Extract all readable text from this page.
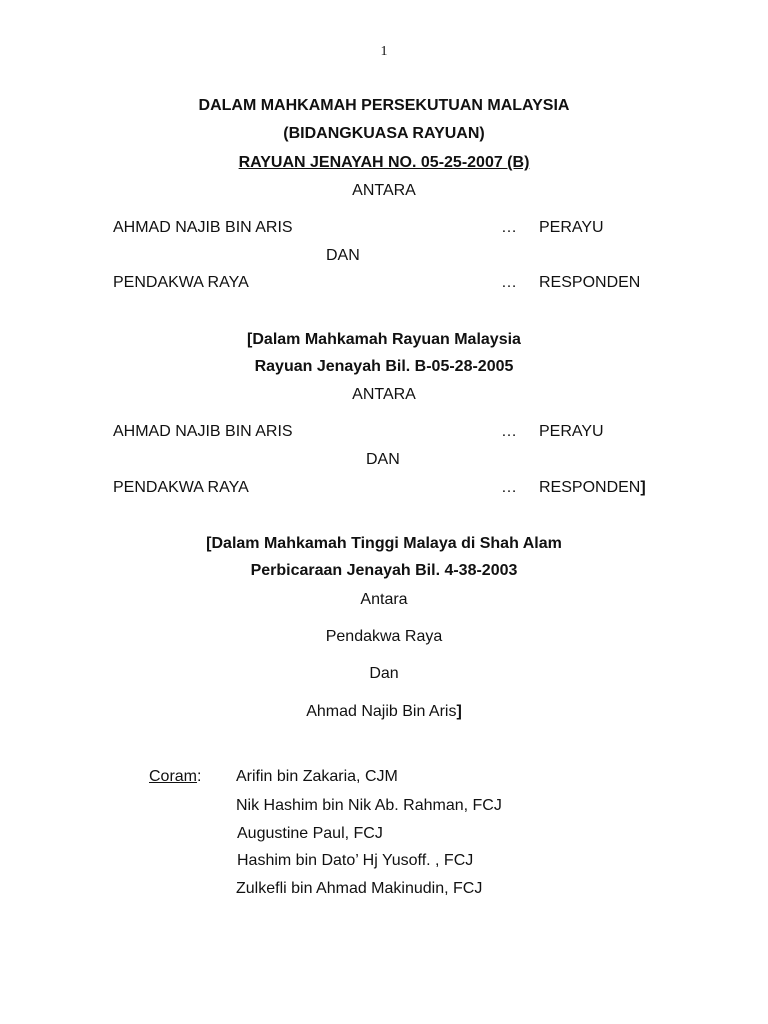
1
DALAM MAHKAMAH PERSEKUTUAN MALAYSIA
(BIDANGKUASA RAYUAN)
RAYUAN JENAYAH NO. 05-25-2007 (B)
ANTARA
AHMAD NAJIB BIN ARIS	… PERAYU
DAN
PENDAKWA RAYA	… RESPONDEN
[Dalam Mahkamah Rayuan Malaysia
Rayuan Jenayah Bil. B-05-28-2005
ANTARA
AHMAD NAJIB BIN ARIS	… PERAYU
DAN
PENDAKWA RAYA	… RESPONDEN]
[Dalam Mahkamah Tinggi Malaya di Shah Alam
Perbicaraan Jenayah Bil. 4-38-2003
Antara
Pendakwa Raya
Dan
Ahmad Najib Bin Aris]
Coram: Arifin bin Zakaria, CJM
Nik Hashim bin Nik Ab. Rahman, FCJ
Augustine Paul, FCJ
Hashim bin Dato’ Hj Yusoff. , FCJ
Zulkefli bin Ahmad Makinudin, FCJ
